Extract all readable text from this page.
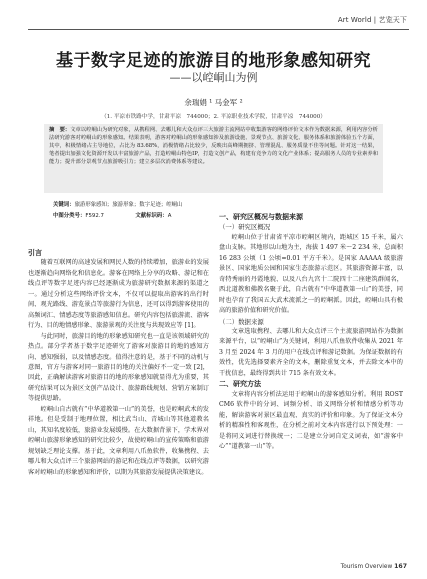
Art World | 艺览天下
基于数字足迹的旅游目的地形象感知研究
——以崆峒山为例
余瑞娟 ¹ 马金军 ²
（1. 平凉市铁路中学，甘肃平凉　744000；2. 平凉职业技术学院，甘肃平凉　744000）
摘　要：文章以崆峒山为研究对象，从携程网、去哪儿和大众点评三大旅游主流网站中收集游客的网络评价文本作为数据来源，利用内容分析法研究游客对崆峒山的形象感知。结果表明，游客对崆峒山的形象感知涉及旅游设施、景观节点、旅游文化、服务体系和旅游体验五个方面，其中，积极情绪占主导地位，占比为 83.68%，消极情绪占比较少，反映出高峰期拥挤、管理混乱、服务质量不佳等问题。针对这一结果，笔者提出加强文化资源开发以丰富旅游产品，打造崆峒山特色IP，打造文创产品，构建有竞争力的文化产业体系；提高服务人员的专业素养和能力；提升部分景观节点旅游吸引力；建立多层次消费体系等建议。
关键词：旅游形象感知；旅游形象；数字足迹；崆峒山
中图分类号：F592.7	文献标识码：A
引言

随着互联网的高速发展和网民人数的持续增加，旅游业的发展也逐渐趋向网络化和信息化。游客在网络上分享的攻略、游记和在线点评等数字足迹内容已经逐渐成为旅游研究数据来源的渠道之一。通过分析这些网络评价文本，不仅可以提取出游客的出行时间、观光路线、游览景点等旅游行为信息，还可以得到游客使用的高频词汇、情感态度等旅游感知信息。研究内容包括旅游流、游客行为、目的地情感形象、旅游景观的关注度与共现效应等 [1]。

与此同时，旅游目的地的形象感知研究也一直是该领域研究的热点。部分学者基于数字足迹研究了游客对旅游目的地的感知方向、感知强弱，以及情感态度。值得注意的是，基于不同的动机与意图，官方与游客对同一旅游目的地的关注偏好不一定一致 [2]，因此，正确解读游客对旅游目的地的形象感知就显得尤为重要，其研究结果可以为景区文创产品设计、旅游路线规划、营销方案制订等提供思路。

崆峒山自古就有“中华道教第一山”的美誉，也是崆峒武术的发祥地。但是受制于地理位置，相比武当山、青城山等其他道教名山，其知名度较低，旅游业发展缓慢。在大数据背景下，学术界对崆峒山旅游形象感知的研究比较少，故使崆峒山的宣传策略和旅游规划缺乏理论支撑。基于此，文章利用八爪鱼软件，收集携程、去哪儿和大众点评三个旅游网站的游记和在线点评等数据，以研究游客对崆峒山的形象感知和评价，以期为其旅游发展提供决策建议。

一、研究区概况与数据来源
（一）研究区概况

崆峒山位于甘肃省平凉市崆峒区境内，距城区 15 千米，属六盘山支脉。其地形以山地为主，海拔 1 497 米～2 234 米，总面积 16 283 公顷（1 公顷=0.01 平方千米）。是国家 AAAAA 级旅游景区、国家地质公园和国家生态旅游示范区。其旅游资源丰富，以奇特秀丽的丹霞地貌、以及八台九宫十二院四十二座建筑群闻名，西北道教和佛教名聚于此，自古就有“中华道教第一山”的美誉，同时也孕育了我国五大武术流派之一的崆峒派。因此，崆峒山具有极高的旅游价值和研究价值。

（二）数据来源

文章选取携程、去哪儿和大众点评三个主流旅游网站作为数据来源平台，以“崆峒山”为关键词，利用八爪鱼软件收集从 2021 年 3 月至 2024 年 3 月的用户在线点评和游记数据。为保证数据的有效性，优先选择要素齐全的文本，删除重复文本，并去除文本中的干扰信息，最终得到共计 715 条有效文本。

二、研究方法

文章将内容分析法运用于崆峒山的游客感知分析。利用 ROST CM6 软件中的分词、词频分析、语义网络分析和情感分析等功能，解读游客对景区最直观、真实的评价和印象。为了保证文本分析的精准性和客观性，在分析之前对文本内容进行以下预处理：一是将同义词进行替换统一；二是建立分词自定义词表，如“游客中心”“道教第一山”等。

Tourism Overview 167
